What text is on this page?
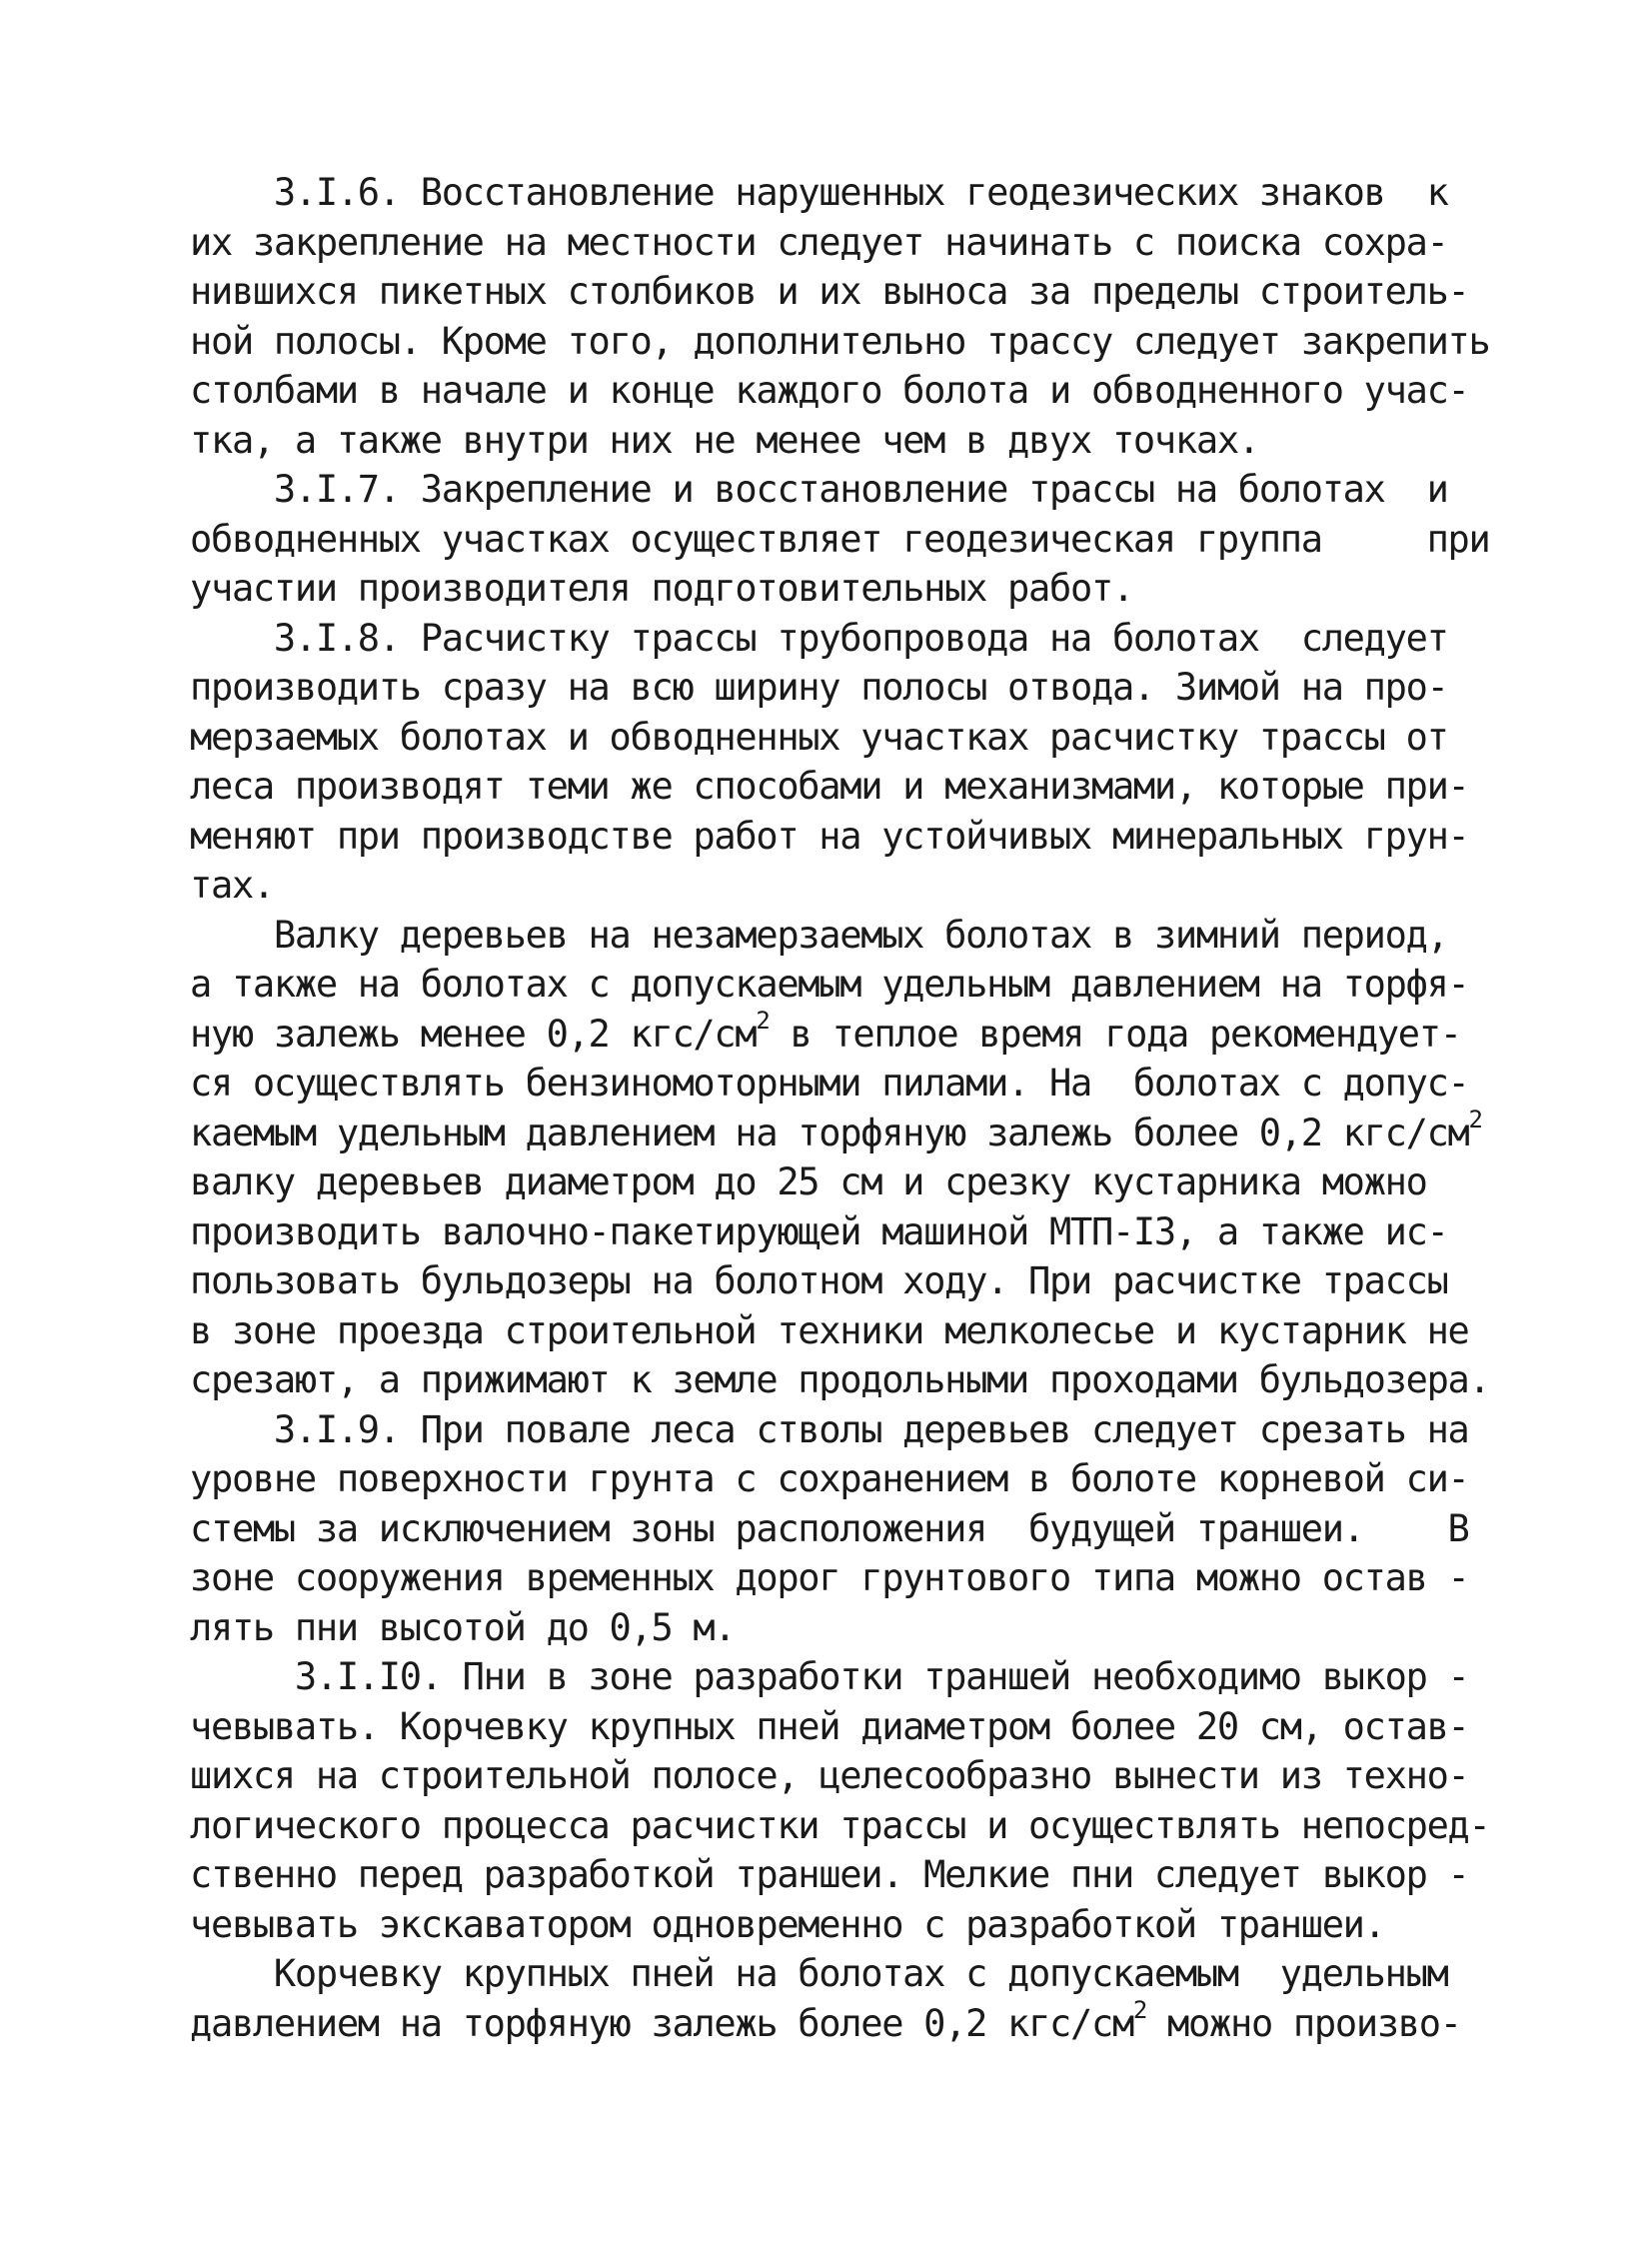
3.I.6. Восстановление нарушенных геодезических знаков  к
их закрепление на местности следует начинать с поиска сохра-
нившихся пикетных столбиков и их выноса за пределы строитель-
ной полосы. Кроме того, дополнительно трассу следует закрепить
столбами в начале и конце каждого болота и обводненного учас-
тка, а также внутри них не менее чем в двух точках.
3.I.7. Закрепление и восстановление трассы на болотах  и
обводненных участках осуществляет геодезическая группа     при
участии производителя подготовительных работ.
3.I.8. Расчистку трассы трубопровода на болотах  следует
производить сразу на всю ширину полосы отвода. Зимой на про-
мерзаемых болотах и обводненных участках расчистку трассы от
леса производят теми же способами и механизмами, которые при-
меняют при производстве работ на устойчивых минеральных грун-
тах.
Валку деревьев на незамерзаемых болотах в зимний период,
а также на болотах с допускаемым удельным давлением на торфя-
ную залежь менее 0,2 кгс/$см^2$ в теплое время года рекомендует-
ся осуществлять бензиномоторными пилами. На  болотах с допус-
каемым удельным давлением на торфяную залежь более 0,2 кгс/$см^2$
валку деревьев диаметром до 25 см и срезку кустарника можно
производить валочно-пакетирующей машиной МТП-I3, а также ис-
пользовать бульдозеры на болотном ходу. При расчистке трассы
в зоне проезда строительной техники мелколесье и кустарник не
срезают, а прижимают к земле продольными проходами бульдозера.
3.I.9. При повале леса стволы деревьев следует срезать на
уровне поверхности грунта с сохранением в болоте корневой си-
стемы за исключением зоны расположения  будущей траншеи.    В
зоне сооружения временных дорог грунтового типа можно остав -
лять пни высотой до 0,5 м.
3.I.I0. Пни в зоне разработки траншей необходимо выкор -
чевывать. Корчевку крупных пней диаметром более 20 см, остав-
шихся на строительной полосе, целесообразно вынести из техно-
логического процесса расчистки трассы и осуществлять непосред-
ственно перед разработкой траншеи. Мелкие пни следует выкор -
чевывать экскаватором одновременно с разработкой траншеи.
Корчевку крупных пней на болотах с допускаемым  удельным
давлением на торфяную залежь более 0,2 кгс/$см^2$ можно произво-
